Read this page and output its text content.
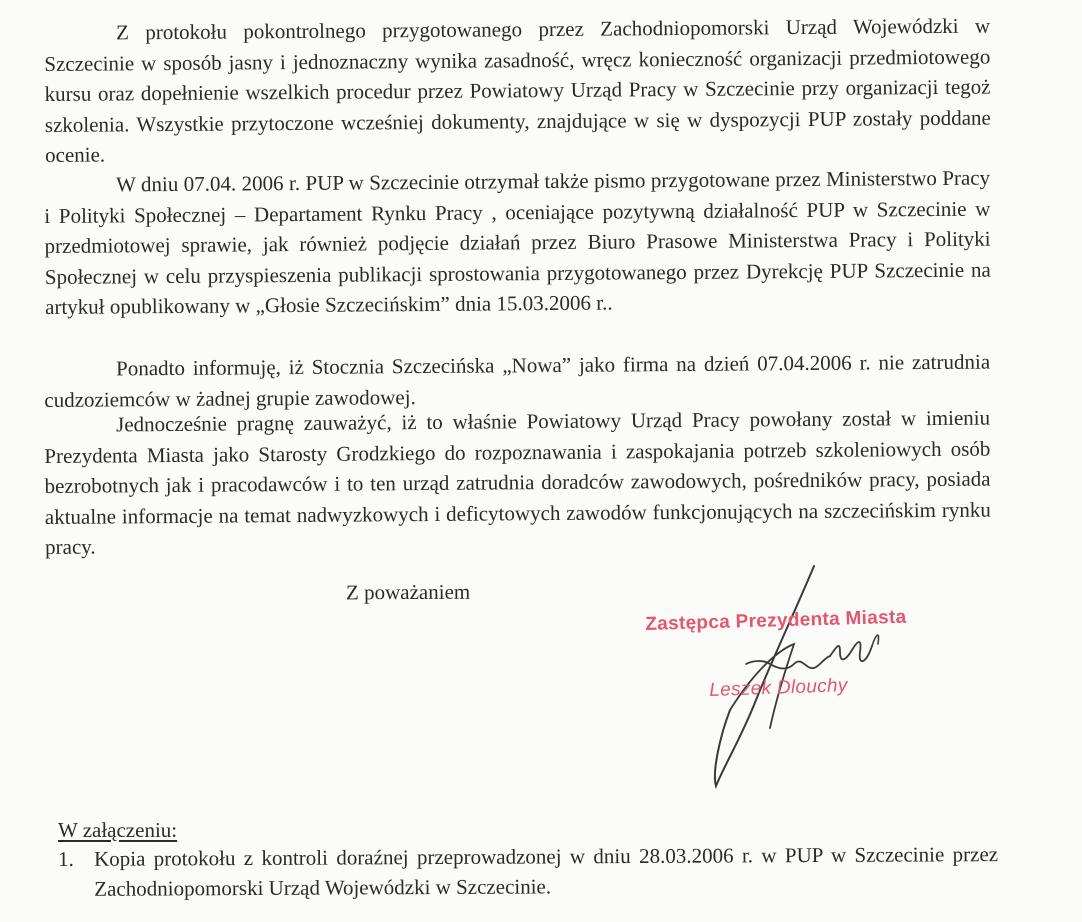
Z protokołu pokontrolnego przygotowanego przez Zachodniopomorski Urząd Wojewódzki w Szczecinie w sposób jasny i jednoznaczny wynika zasadność, wręcz konieczność organizacji przedmiotowego kursu oraz dopełnienie wszelkich procedur przez Powiatowy Urząd Pracy w Szczecinie przy organizacji tegoż szkolenia. Wszystkie przytoczone wcześniej dokumenty, znajdujące w się w dyspozycji PUP zostały poddane ocenie.

W dniu 07.04. 2006 r. PUP w Szczecinie otrzymał także pismo przygotowane przez Ministerstwo Pracy i Polityki Społecznej – Departament Rynku Pracy , oceniające pozytywną działalność PUP w Szczecinie w przedmiotowej sprawie, jak również podjęcie działań przez Biuro Prasowe Ministerstwa Pracy i Polityki Społecznej w celu przyspieszenia publikacji sprostowania przygotowanego przez Dyrekcję PUP Szczecinie na artykuł opublikowany w „Głosie Szczecińskim” dnia 15.03.2006 r..

Ponadto informuję, iż Stocznia Szczecińska „Nowa” jako firma na dzień 07.04.2006 r. nie zatrudnia cudzoziemców w żadnej grupie zawodowej.

Jednocześnie pragnę zauważyć, iż to właśnie Powiatowy Urząd Pracy powołany został w imieniu Prezydenta Miasta jako Starosty Grodzkiego do rozpoznawania i zaspokajania potrzeb szkoleniowych osób bezrobotnych jak i pracodawców i to ten urząd zatrudnia doradców zawodowych, pośredników pracy, posiada aktualne informacje na temat nadwyzkowych i deficytowych zawodów funkcjonujących na szczecińskim rynku pracy.

Z poważaniem

Zastępca Prezydenta Miasta
Leszek Dlouchy

W załączeniu:

1. Kopia protokołu z kontroli doraźnej przeprowadzonej w dniu 28.03.2006 r. w PUP w Szczecinie przez Zachodniopomorski Urząd Wojewódzki w Szczecinie.
